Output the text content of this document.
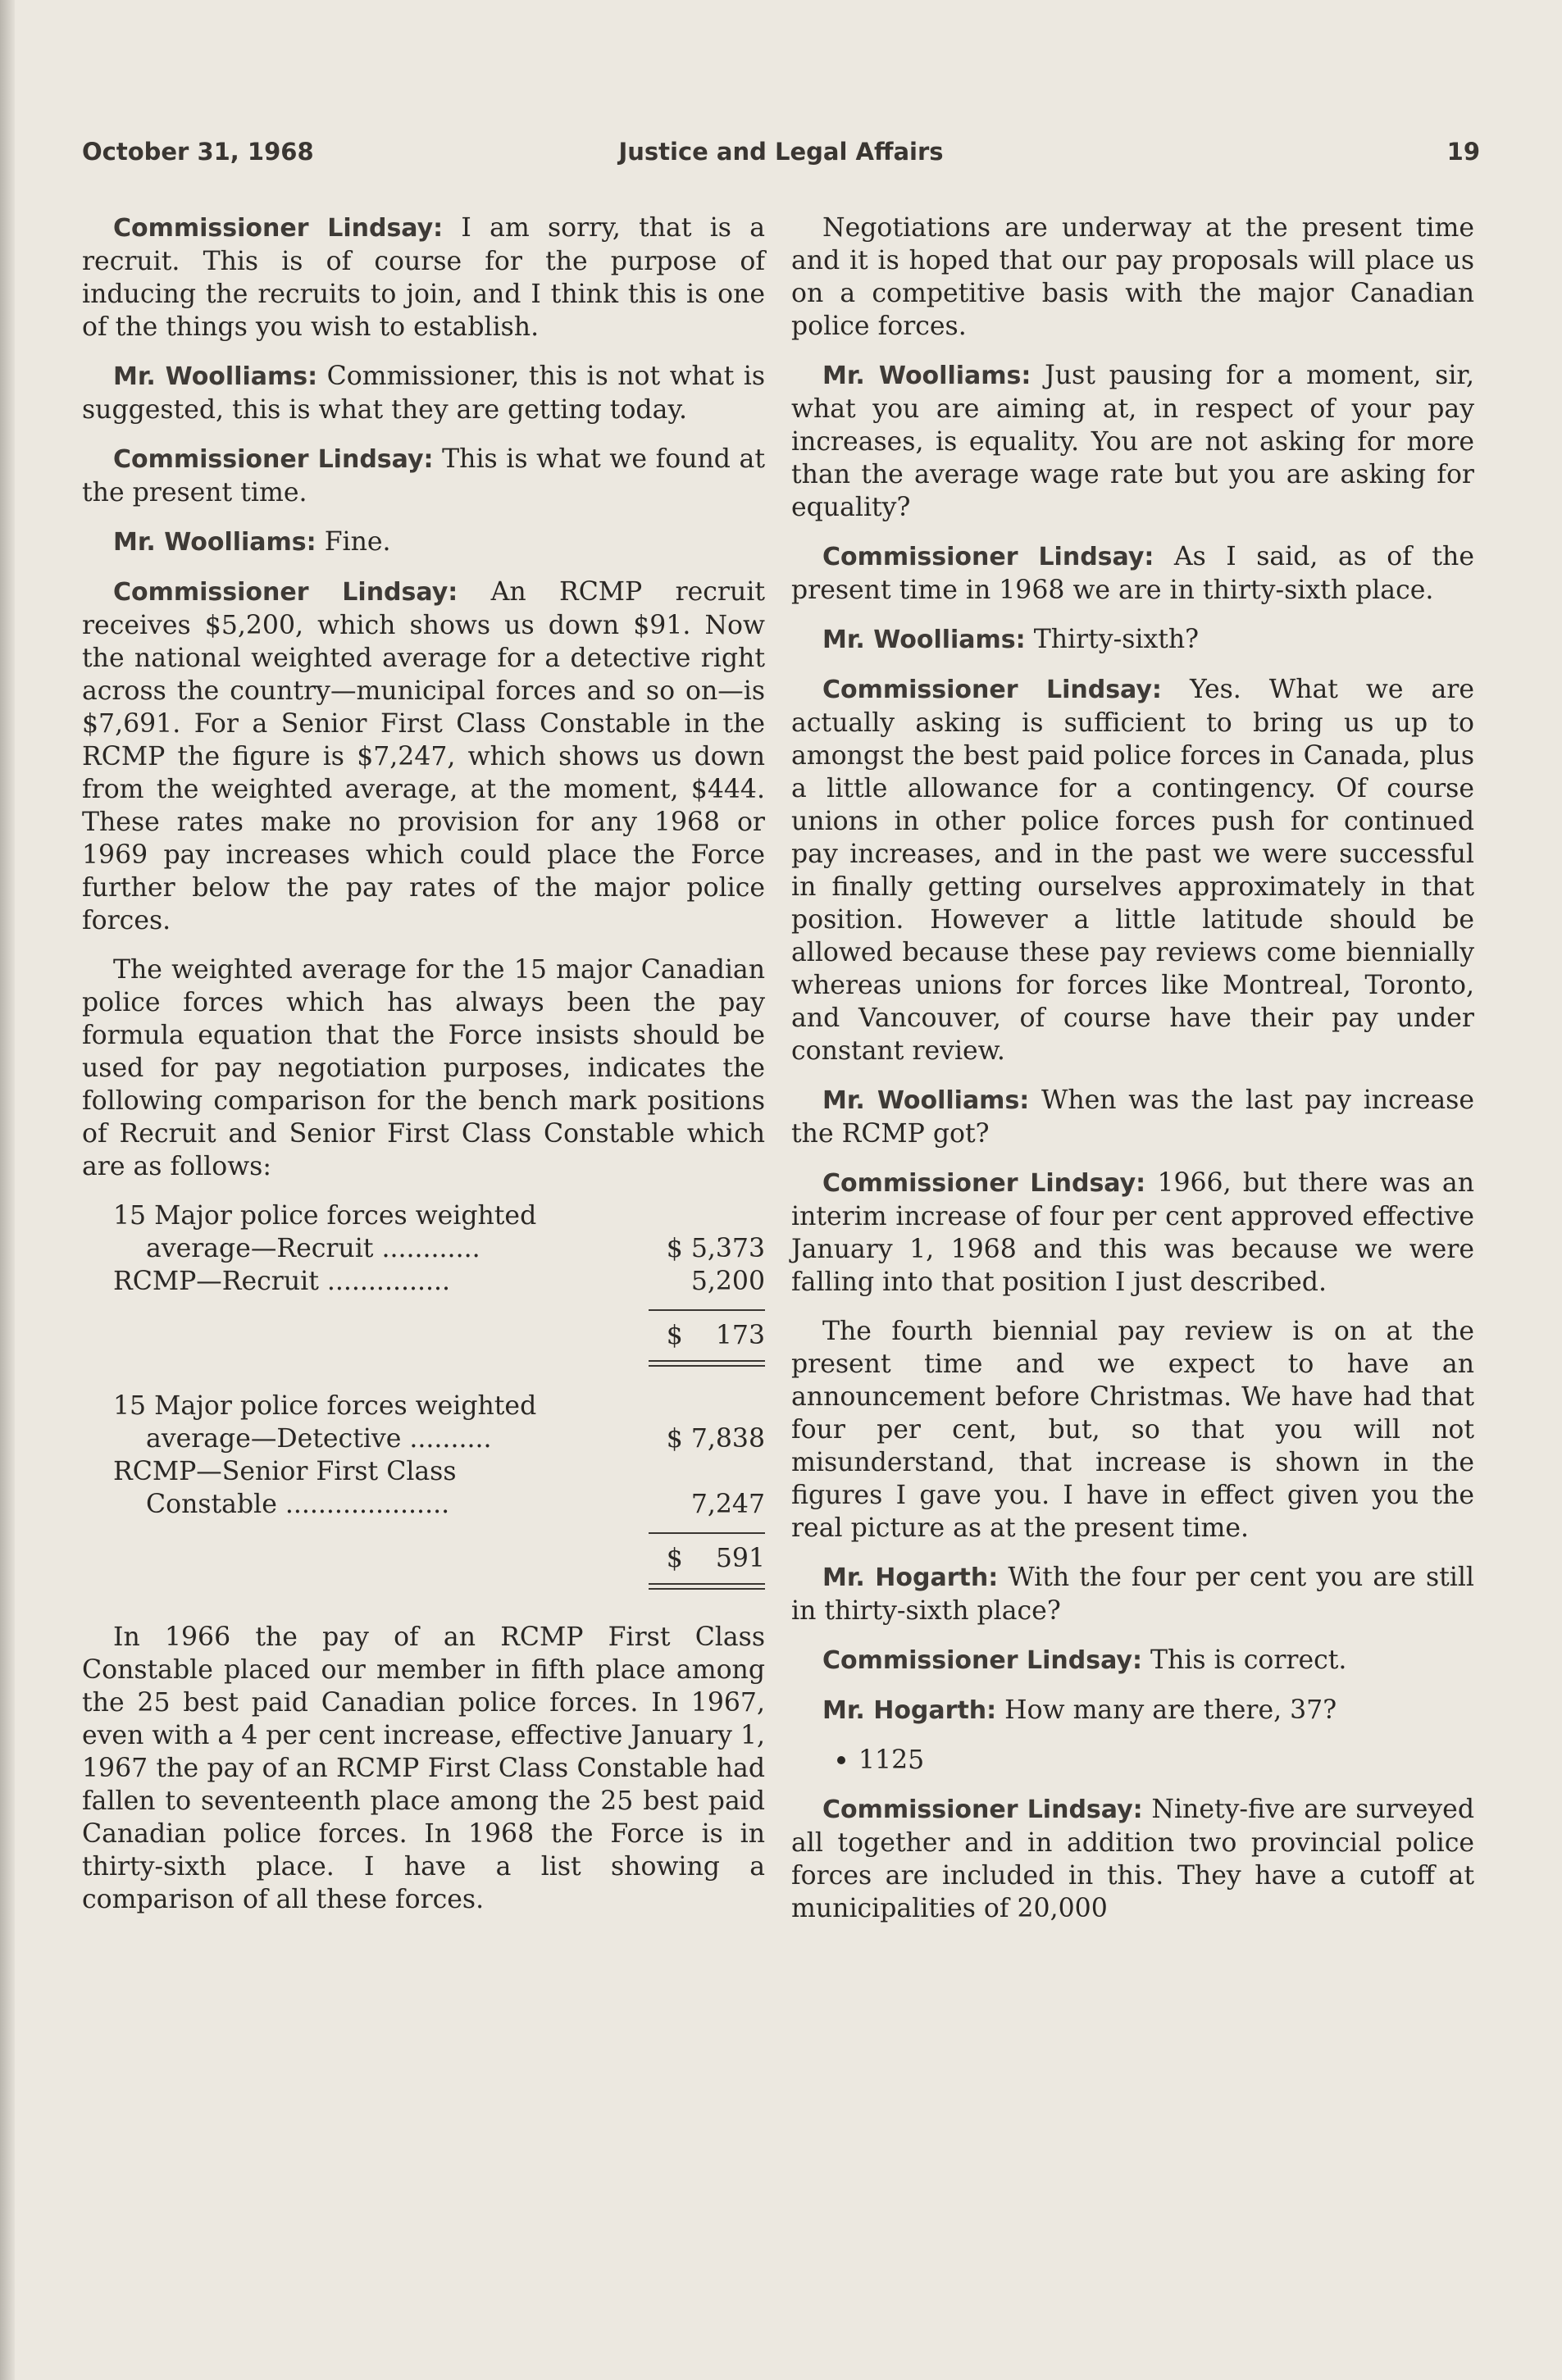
October 31, 1968	Justice and Legal Affairs	19

Commissioner Lindsay: I am sorry, that is a recruit. This is of course for the purpose of inducing the recruits to join, and I think this is one of the things you wish to establish.

Mr. Woolliams: Commissioner, this is not what is suggested, this is what they are getting today.

Commissioner Lindsay: This is what we found at the present time.

Mr. Woolliams: Fine.

Commissioner Lindsay: An RCMP recruit receives $5,200, which shows us down $91. Now the national weighted average for a detective right across the country—municipal forces and so on—is $7,691. For a Senior First Class Constable in the RCMP the figure is $7,247, which shows us down from the weighted average, at the moment, $444. These rates make no provision for any 1968 or 1969 pay increases which could place the Force further below the pay rates of the major police forces.

The weighted average for the 15 major Canadian police forces which has always been the pay formula equation that the Force insists should be used for pay negotiation purposes, indicates the following comparison for the bench mark positions of Recruit and Senior First Class Constable which are as follows:

15 Major police forces weighted
average—Recruit ............	$ 5,373
RCMP—Recruit ...............	5,200
$    173
15 Major police forces weighted
average—Detective ..........	$ 7,838
RCMP—Senior First Class
Constable ....................	7,247
$    591

In 1966 the pay of an RCMP First Class Constable placed our member in fifth place among the 25 best paid Canadian police forces. In 1967, even with a 4 per cent increase, effective January 1, 1967 the pay of an RCMP First Class Constable had fallen to seventeenth place among the 25 best paid Canadian police forces. In 1968 the Force is in thirty-sixth place. I have a list showing a comparison of all these forces.

Negotiations are underway at the present time and it is hoped that our pay proposals will place us on a competitive basis with the major Canadian police forces.

Mr. Woolliams: Just pausing for a moment, sir, what you are aiming at, in respect of your pay increases, is equality. You are not asking for more than the average wage rate but you are asking for equality?

Commissioner Lindsay: As I said, as of the present time in 1968 we are in thirty-sixth place.

Mr. Woolliams: Thirty-sixth?

Commissioner Lindsay: Yes. What we are actually asking is sufficient to bring us up to amongst the best paid police forces in Canada, plus a little allowance for a contingency. Of course unions in other police forces push for continued pay increases, and in the past we were successful in finally getting ourselves approximately in that position. However a little latitude should be allowed because these pay reviews come biennially whereas unions for forces like Montreal, Toronto, and Vancouver, of course have their pay under constant review.

Mr. Woolliams: When was the last pay increase the RCMP got?

Commissioner Lindsay: 1966, but there was an interim increase of four per cent approved effective January 1, 1968 and this was because we were falling into that position I just described.

The fourth biennial pay review is on at the present time and we expect to have an announcement before Christmas. We have had that four per cent, but, so that you will not misunderstand, that increase is shown in the figures I gave you. I have in effect given you the real picture as at the present time.

Mr. Hogarth: With the four per cent you are still in thirty-sixth place?

Commissioner Lindsay: This is correct.

Mr. Hogarth: How many are there, 37?

1125

Commissioner Lindsay: Ninety-five are surveyed all together and in addition two provincial police forces are included in this. They have a cutoff at municipalities of 20,000
